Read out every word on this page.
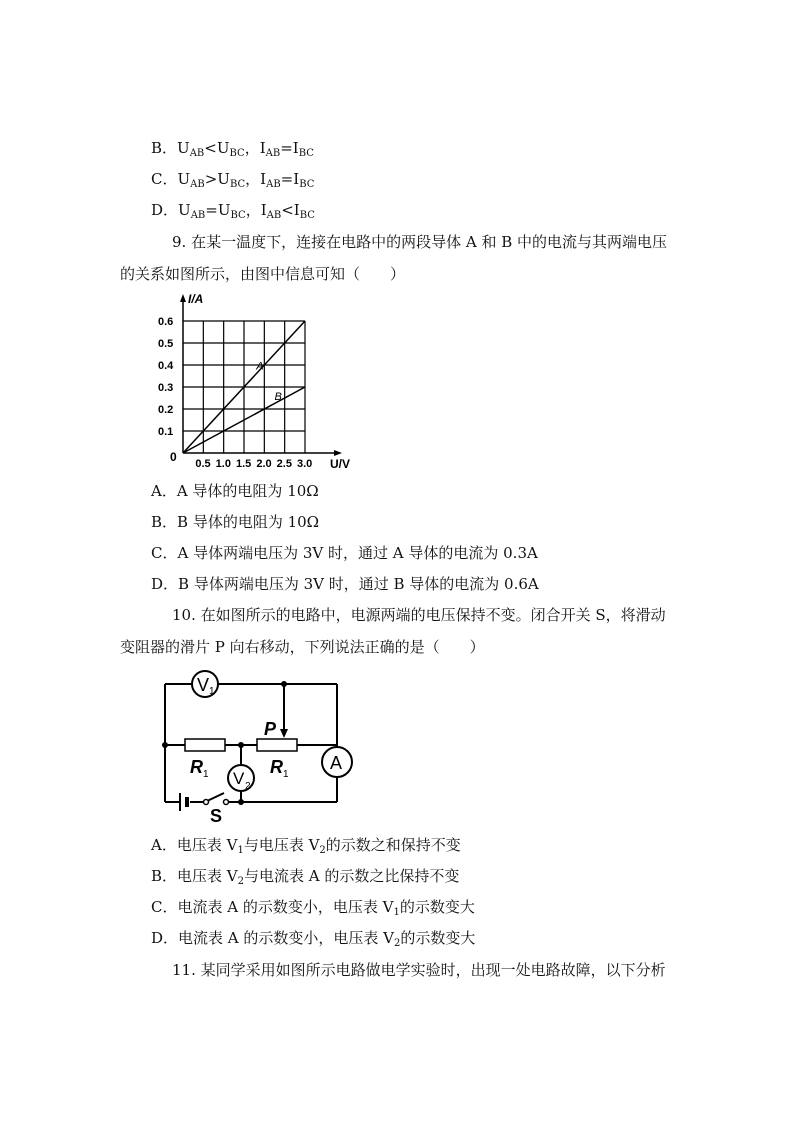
B．$U_{AB}<U_{BC}$，$I_{AB}=I_{BC}$
C．$U_{AB}>U_{BC}$，$I_{AB}=I_{BC}$
D．$U_{AB}=U_{BC}$，$I_{AB}<I_{BC}$
9. 在某一温度下，连接在电路中的两段导体 A 和 B 中的电流与其两端电压
的关系如图所示，由图中信息可知（　　）
0.5 1.0 1.5 2.0 2.5 3.0
0.1
0.2
0.3
0.4
0.5
0.6
A
B
I/A
U/V
0
A．A 导体的电阻为 10Ω
B．B 导体的电阻为 10Ω
C．A 导体两端电压为 3V 时，通过 A 导体的电流为 0.3A
D．B 导体两端电压为 3V 时，通过 B 导体的电流为 0.6A
10. 在如图所示的电路中，电源两端的电压保持不变。闭合开关 S，将滑动
变阻器的滑片 P 向右移动，下列说法正确的是（　　）
V 1
V 2
A
P
R 1	R 1
S
A．电压表 $V_1$与电压表 $V_2$的示数之和保持不变
B．电压表 $V_2$与电流表 A 的示数之比保持不变
C．电流表 A 的示数变小，电压表 $V_1$的示数变大
D．电流表 A 的示数变小，电压表 $V_2$的示数变大
11. 某同学采用如图所示电路做电学实验时，出现一处电路故障，以下分析
